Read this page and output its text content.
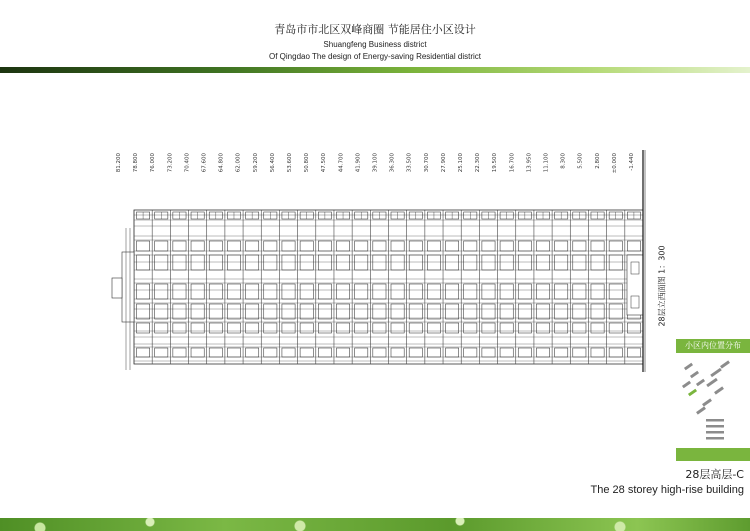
青岛市市北区双峰商圈 节能居住小区设计
Shuangfeng Business district
Of Qingdao The design of Energy-saving Residential district
81.200 78.800 76.000 73.200 70.400 67.600 64.800 62.000 59.200 56.400 53.600 50.800 47.500 44.700 41.900 39.100 36.300 33.500 30.700 27.900 25.100 22.300 19.500 16.700 13.950 11.100 8.300 5.500 2.800 ±0.000 -1.440
28层立西面图 1：300
小区内位置分布
28层高层-C
The 28 storey high-rise building
